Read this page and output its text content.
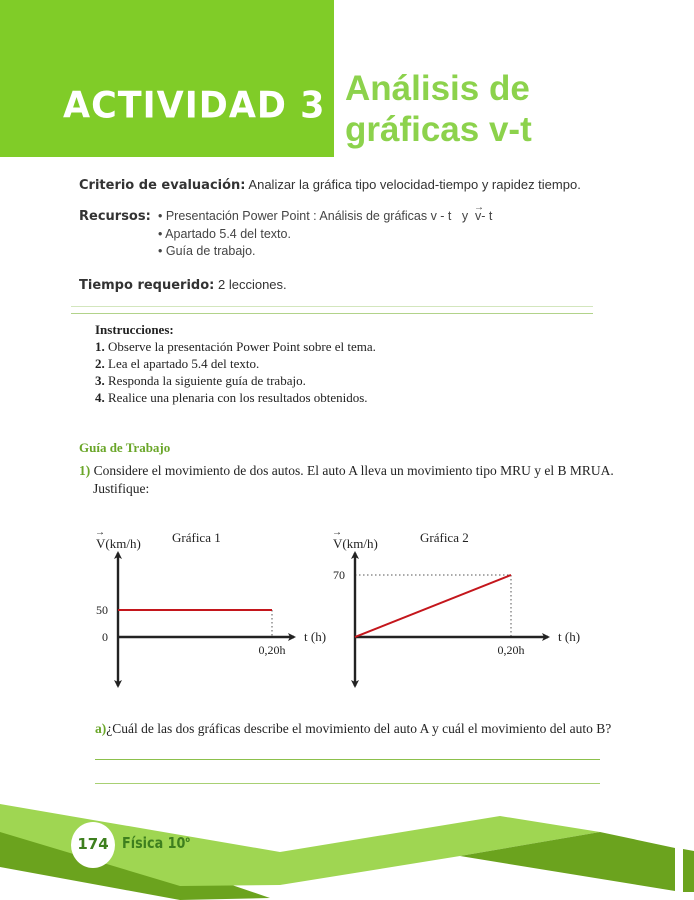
ACTIVIDAD 3 Análisis de
gráficas v-t
Criterio de evaluación: Analizar la gráfica tipo velocidad-tiempo y rapidez tiempo.
Recursos: • Presentación Power Point : Análisis de gráficas v - t   y  v
→
- t
• Apartado 5.4 del texto.
• Guía de trabajo.
Tiempo requerido: 2 lecciones.
Instrucciones:
1. Observe la presentación Power Point sobre el tema.
2. Lea el apartado 5.4 del texto.
3. Responda la siguiente guía de trabajo.
4. Realice una plenaria con los resultados obtenidos.
Guía de Trabajo
1) Considere el movimiento de dos autos. El auto A lleva un movimiento tipo MRU y el B MRUA.
Justifique:
Gráfica 1
V(km/h)
→
t (h)
50
0
0,20h
Gráfica 2
V(km/h)
→
t (h)
70
0,20h
a)¿Cuál de las dos gráficas describe el movimiento del auto A y cuál el movimiento del auto B?
174 Física 10$^o$
